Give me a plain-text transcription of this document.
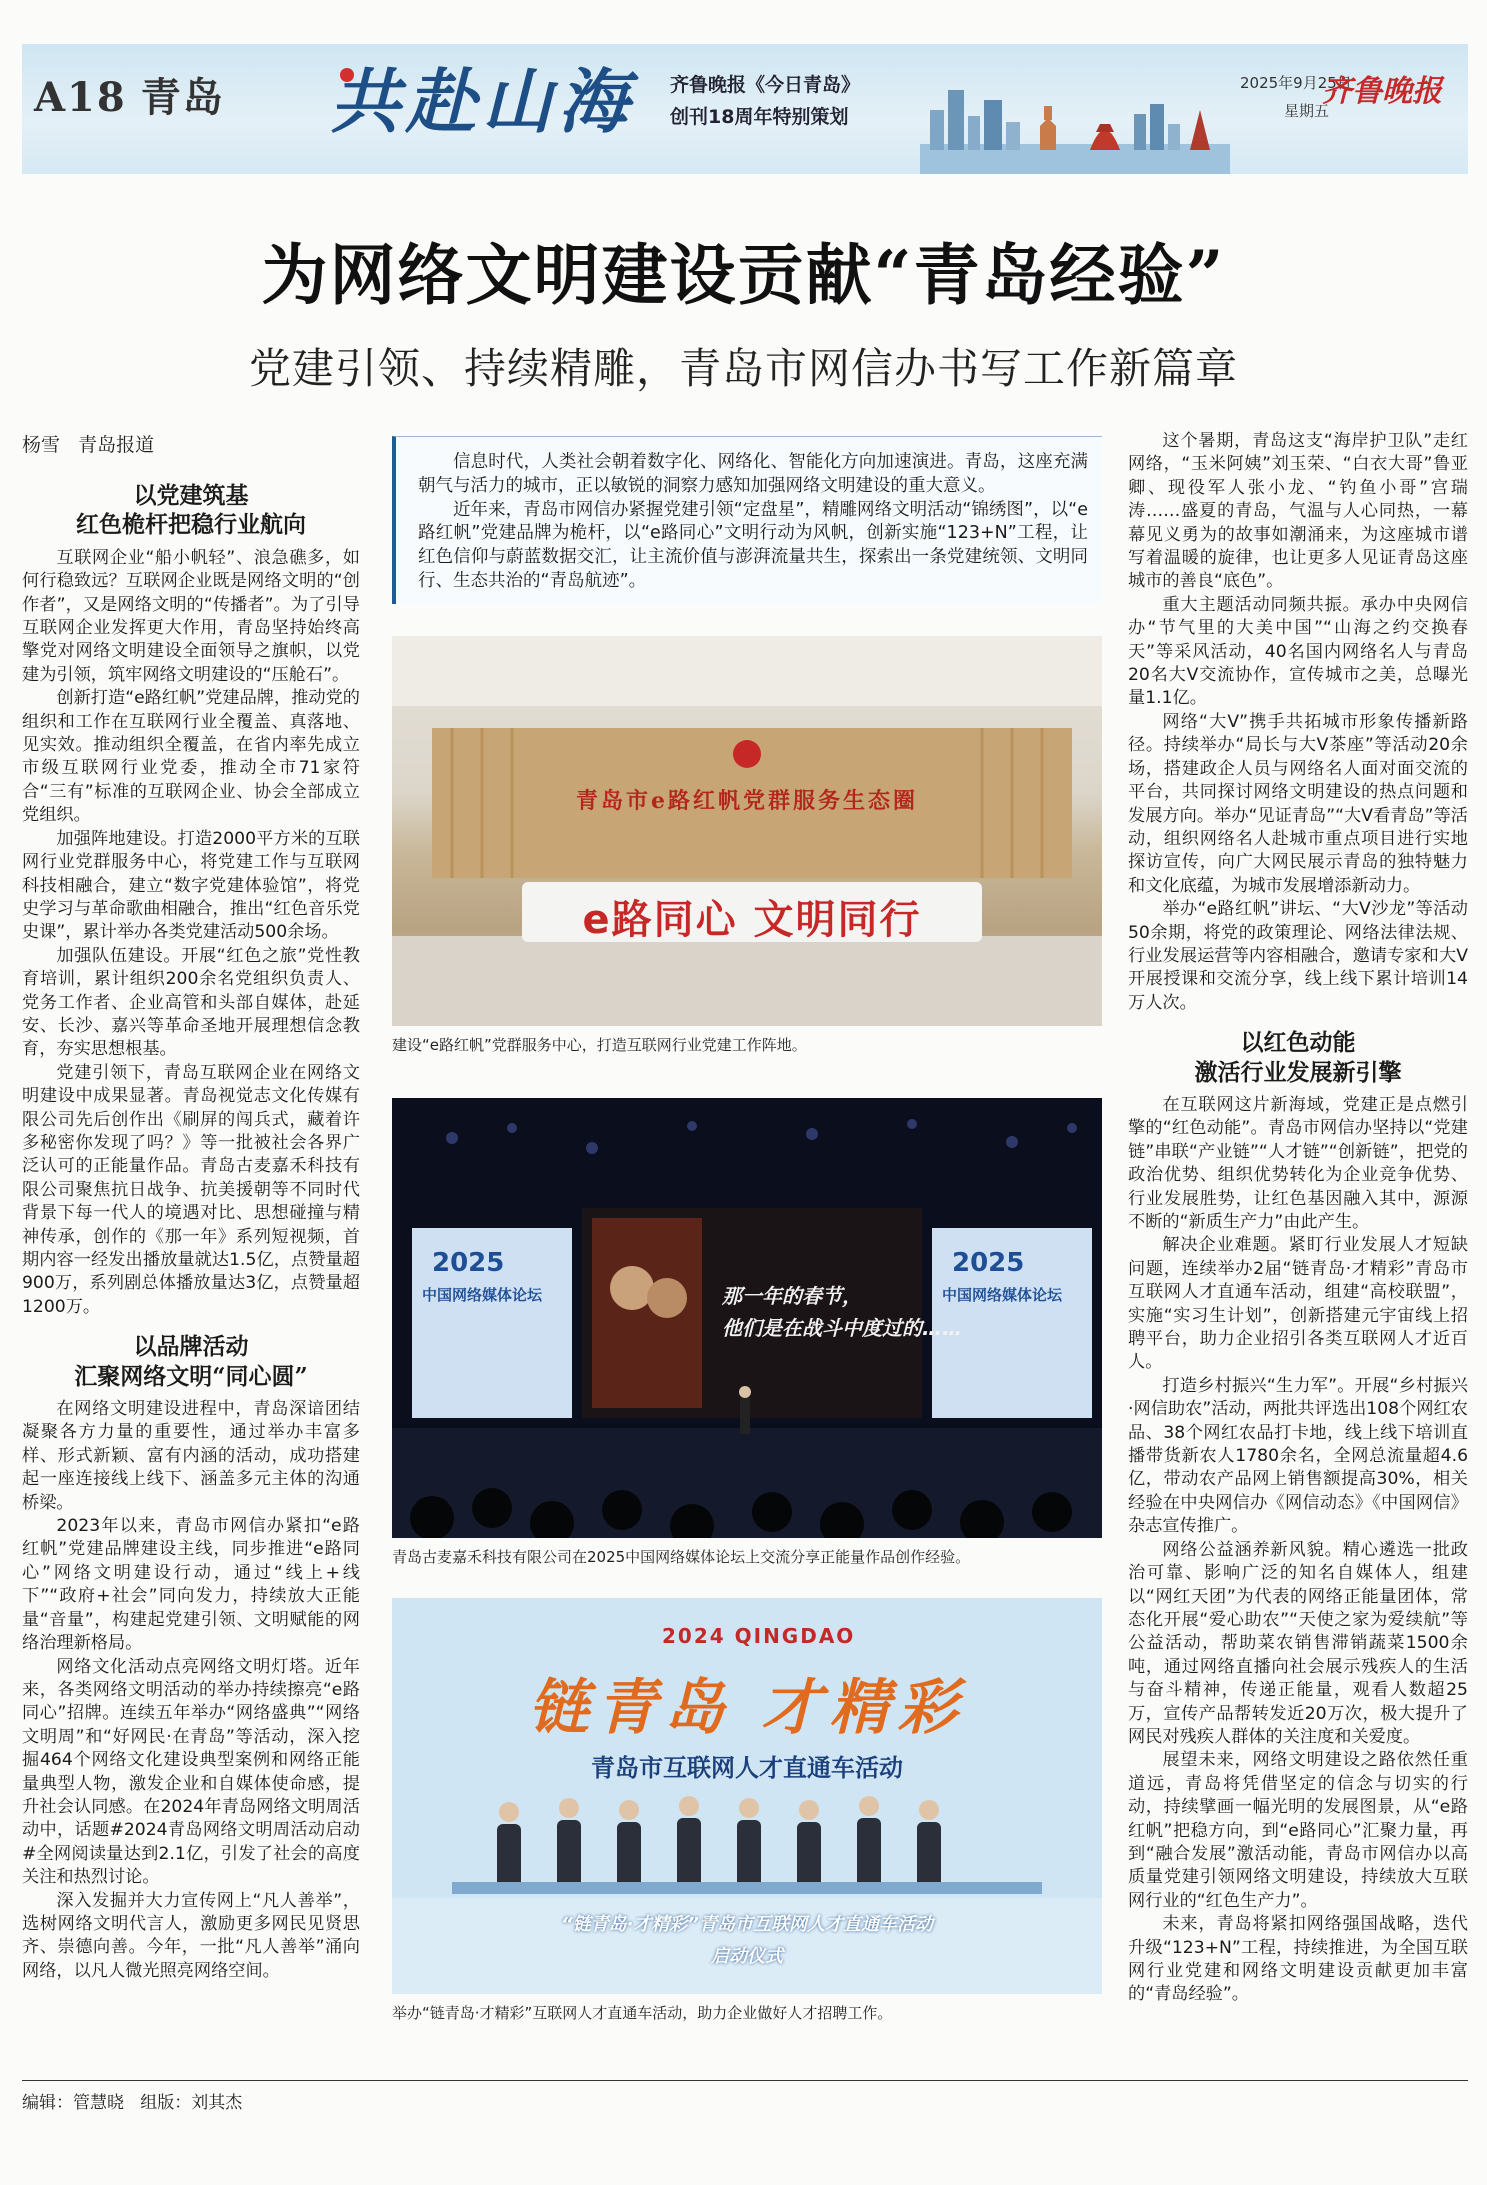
A18 青岛 共赴山海 齐鲁晚报《今日青岛》
创刊18周年特别策划
2025年9月25日
星期五
齐鲁晚报
为网络文明建设贡献“青岛经验”
党建引领、持续精雕，青岛市网信办书写工作新篇章
杨雪 青岛报道
以党建筑基
红色桅杆把稳行业航向

互联网企业“船小帆轻”、浪急礁多，如何行稳致远？互联网企业既是网络文明的“创作者”，又是网络文明的“传播者”。为了引导互联网企业发挥更大作用，青岛坚持始终高擎党对网络文明建设全面领导之旗帜，以党建为引领，筑牢网络文明建设的“压舱石”。

创新打造“e路红帆”党建品牌，推动党的组织和工作在互联网行业全覆盖、真落地、见实效。推动组织全覆盖，在省内率先成立市级互联网行业党委，推动全市71家符合“三有”标准的互联网企业、协会全部成立党组织。

加强阵地建设。打造2000平方米的互联网行业党群服务中心，将党建工作与互联网科技相融合，建立“数字党建体验馆”，将党史学习与革命歌曲相融合，推出“红色音乐党史课”，累计举办各类党建活动500余场。

加强队伍建设。开展“红色之旅”党性教育培训，累计组织200余名党组织负责人、党务工作者、企业高管和头部自媒体，赴延安、长沙、嘉兴等革命圣地开展理想信念教育，夯实思想根基。

党建引领下，青岛互联网企业在网络文明建设中成果显著。青岛视觉志文化传媒有限公司先后创作出《刷屏的闯兵式，藏着许多秘密你发现了吗？》等一批被社会各界广泛认可的正能量作品。青岛古麦嘉禾科技有限公司聚焦抗日战争、抗美援朝等不同时代背景下每一代人的境遇对比、思想碰撞与精神传承，创作的《那一年》系列短视频，首期内容一经发出播放量就达1.5亿，点赞量超900万，系列剧总体播放量达3亿，点赞量超1200万。

以品牌活动
汇聚网络文明“同心圆”

在网络文明建设进程中，青岛深谙团结凝聚各方力量的重要性，通过举办丰富多样、形式新颖、富有内涵的活动，成功搭建起一座连接线上线下、涵盖多元主体的沟通桥梁。

2023年以来，青岛市网信办紧扣“e路红帆”党建品牌建设主线，同步推进“e路同心”网络文明建设行动，通过“线上+线下”“政府+社会”同向发力，持续放大正能量“音量”，构建起党建引领、文明赋能的网络治理新格局。

网络文化活动点亮网络文明灯塔。近年来，各类网络文明活动的举办持续擦亮“e路同心”招牌。连续五年举办“网络盛典”“网络文明周”和“好网民·在青岛”等活动，深入挖掘464个网络文化建设典型案例和网络正能量典型人物，激发企业和自媒体使命感，提升社会认同感。在2024年青岛网络文明周活动中，话题#2024青岛网络文明周活动启动#全网阅读量达到2.1亿，引发了社会的高度关注和热烈讨论。

深入发掘并大力宣传网上“凡人善举”，选树网络文明代言人，激励更多网民见贤思齐、崇德向善。今年，一批“凡人善举”涌向网络，以凡人微光照亮网络空间。

信息时代，人类社会朝着数字化、网络化、智能化方向加速演进。青岛，这座充满朝气与活力的城市，正以敏锐的洞察力感知加强网络文明建设的重大意义。

近年来，青岛市网信办紧握党建引领“定盘星”，精雕网络文明活动“锦绣图”，以“e路红帆”党建品牌为桅杆，以“e路同心”文明行动为风帆，创新实施“123+N”工程，让红色信仰与蔚蓝数据交汇，让主流价值与澎湃流量共生，探索出一条党建统领、文明同行、生态共治的“青岛航迹”。

青岛市e路红帆党群服务生态圈
e路同心 文明同行
建设“e路红帆”党群服务中心，打造互联网行业党建工作阵地。
2025
中国网络媒体论坛
2025
中国网络媒体论坛
那一年的春节，
他们是在战斗中度过的……
青岛古麦嘉禾科技有限公司在2025中国网络媒体论坛上交流分享正能量作品创作经验。
2024 QINGDAO
链青岛 才精彩
青岛市互联网人才直通车活动
“链青岛·才精彩”青岛市互联网人才直通车活动
启动仪式
举办“链青岛·才精彩”互联网人才直通车活动，助力企业做好人才招聘工作。

这个暑期，青岛这支“海岸护卫队”走红网络，“玉米阿姨”刘玉荣、“白衣大哥”鲁亚卿、现役军人张小龙、“钓鱼小哥”宫瑞涛……盛夏的青岛，气温与人心同热，一幕幕见义勇为的故事如潮涌来，为这座城市谱写着温暖的旋律，也让更多人见证青岛这座城市的善良“底色”。

重大主题活动同频共振。承办中央网信办“节气里的大美中国”“山海之约交换春天”等采风活动，40名国内网络名人与青岛20名大V交流协作，宣传城市之美，总曝光量1.1亿。

网络“大V”携手共拓城市形象传播新路径。持续举办“局长与大V茶座”等活动20余场，搭建政企人员与网络名人面对面交流的平台，共同探讨网络文明建设的热点问题和发展方向。举办“见证青岛”“大V看青岛”等活动，组织网络名人赴城市重点项目进行实地探访宣传，向广大网民展示青岛的独特魅力和文化底蕴，为城市发展增添新动力。

举办“e路红帆”讲坛、“大V沙龙”等活动50余期，将党的政策理论、网络法律法规、行业发展运营等内容相融合，邀请专家和大V开展授课和交流分享，线上线下累计培训14万人次。

以红色动能
激活行业发展新引擎

在互联网这片新海域，党建正是点燃引擎的“红色动能”。青岛市网信办坚持以“党建链”串联“产业链”“人才链”“创新链”，把党的政治优势、组织优势转化为企业竞争优势、行业发展胜势，让红色基因融入其中，源源不断的“新质生产力”由此产生。

解决企业难题。紧盯行业发展人才短缺问题，连续举办2届“链青岛·才精彩”青岛市互联网人才直通车活动，组建“高校联盟”，实施“实习生计划”，创新搭建元宇宙线上招聘平台，助力企业招引各类互联网人才近百人。

打造乡村振兴“生力军”。开展“乡村振兴·网信助农”活动，两批共评选出108个网红农品、38个网红农品打卡地，线上线下培训直播带货新农人1780余名，全网总流量超4.6亿，带动农产品网上销售额提高30%，相关经验在中央网信办《网信动态》《中国网信》杂志宣传推广。

网络公益涵养新风貌。精心遴选一批政治可靠、影响广泛的知名自媒体人，组建以“网红天团”为代表的网络正能量团体，常态化开展“爱心助农”“天使之家为爱续航”等公益活动，帮助菜农销售滞销蔬菜1500余吨，通过网络直播向社会展示残疾人的生活与奋斗精神，传递正能量，观看人数超25万，宣传产品帮转发近20万次，极大提升了网民对残疾人群体的关注度和关爱度。

展望未来，网络文明建设之路依然任重道远，青岛将凭借坚定的信念与切实的行动，持续擘画一幅光明的发展图景，从“e路红帆”把稳方向，到“e路同心”汇聚力量，再到“融合发展”激活动能，青岛市网信办以高质量党建引领网络文明建设，持续放大互联网行业的“红色生产力”。

未来，青岛将紧扣网络强国战略，迭代升级“123+N”工程，持续推进，为全国互联网行业党建和网络文明建设贡献更加丰富的“青岛经验”。

编辑：管慧晓 组版：刘其杰
